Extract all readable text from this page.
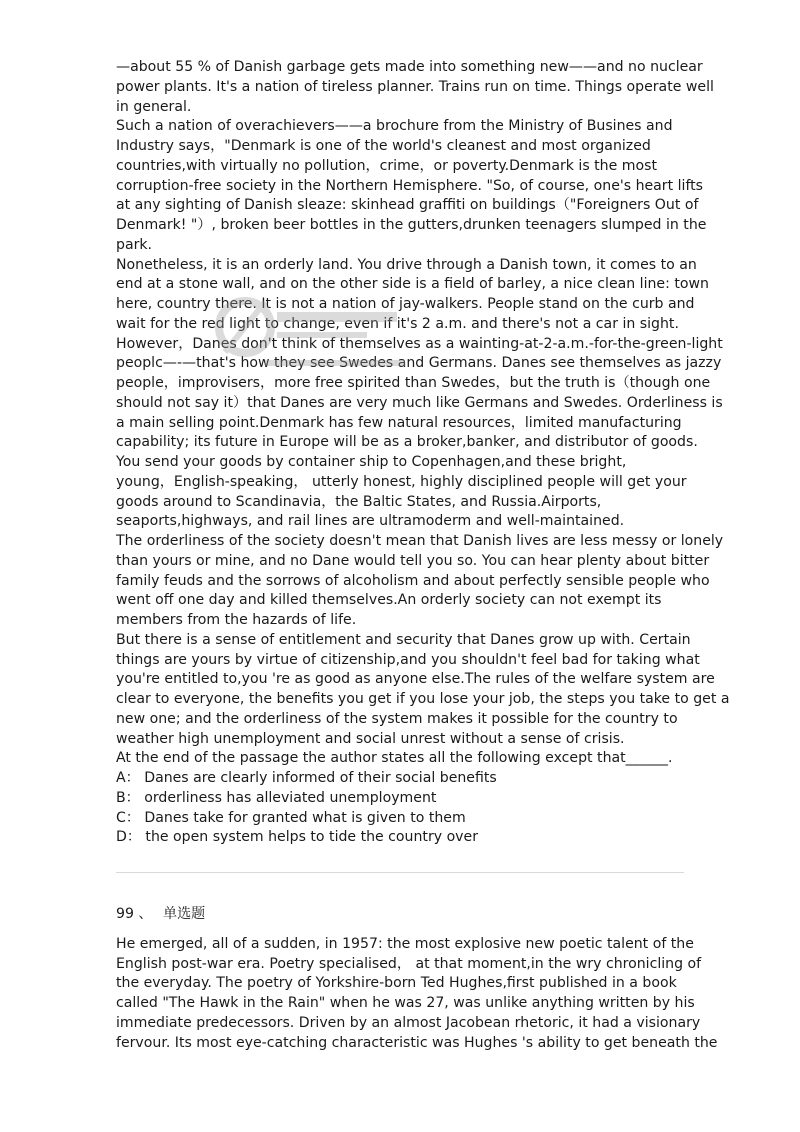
—about 55 % of Danish garbage gets made into something new——and no nuclear
power plants. It's a nation of tireless planner. Trains run on time. Things operate well
in general.
Such a nation of overachievers——a brochure from the Ministry of Busines and
Industry says，"Denmark is one of the world's cleanest and most organized
countries,with virtually no pollution，crime，or poverty.Denmark is the most
corruption-free society in the Northern Hemisphere. "So, of course, one's heart lifts
at any sighting of Danish sleaze: skinhead graffiti on buildings（"Foreigners Out of
Denmark! "）, broken beer bottles in the gutters,drunken teenagers slumped in the
park.
Nonetheless, it is an orderly land. You drive through a Danish town, it comes to an
end at a stone wall, and on the other side is a field of barley, a nice clean line: town
here, country there. It is not a nation of jay-walkers. People stand on the curb and
wait for the red light to change, even if it's 2 a.m. and there's not a car in sight.
However，Danes don't think of themselves as a wainting-at-2-a.m.-for-the-green-light
peoplc—-—that's how they see Swedes and Germans. Danes see themselves as jazzy
people，improvisers，more free spirited than Swedes，but the truth is（though one
should not say it）that Danes are very much like Germans and Swedes. Orderliness is
a main selling point.Denmark has few natural resources，limited manufacturing
capability; its future in Europe will be as a broker,banker, and distributor of goods.
You send your goods by container ship to Copenhagen,and these bright,
young，English-speaking， utterly honest, highly disciplined people will get your
goods around to Scandinavia，the Baltic States, and Russia.Airports,
seaports,highways, and rail lines are ultramoderm and well-maintained.
The orderliness of the society doesn't mean that Danish lives are less messy or lonely
than yours or mine, and no Dane would tell you so. You can hear plenty about bitter
family feuds and the sorrows of alcoholism and about perfectly sensible people who
went off one day and killed themselves.An orderly society can not exempt its
members from the hazards of life.
But there is a sense of entitlement and security that Danes grow up with. Certain
things are yours by virtue of citizenship,and you shouldn't feel bad for taking what
you're entitled to,you 're as good as anyone else.The rules of the welfare system are
clear to everyone, the benefits you get if you lose your job, the steps you take to get a
new one; and the orderliness of the system makes it possible for the country to
weather high unemployment and social unrest without a sense of crisis.
At the end of the passage the author states all the following except that______.
A： Danes are clearly informed of their social benefits
B： orderliness has alleviated unemployment
C： Danes take for granted what is given to them
D： the open system helps to tide the country over
99 、 单选题
He emerged, all of a sudden, in 1957: the most explosive new poetic talent of the
English post-war era. Poetry specialised， at that moment,in the wry chronicling of
the everyday. The poetry of Yorkshire-born Ted Hughes,first published in a book
called "The Hawk in the Rain" when he was 27, was unlike anything written by his
immediate predecessors. Driven by an almost Jacobean rhetoric, it had a visionary
fervour. Its most eye-catching characteristic was Hughes 's ability to get beneath the
